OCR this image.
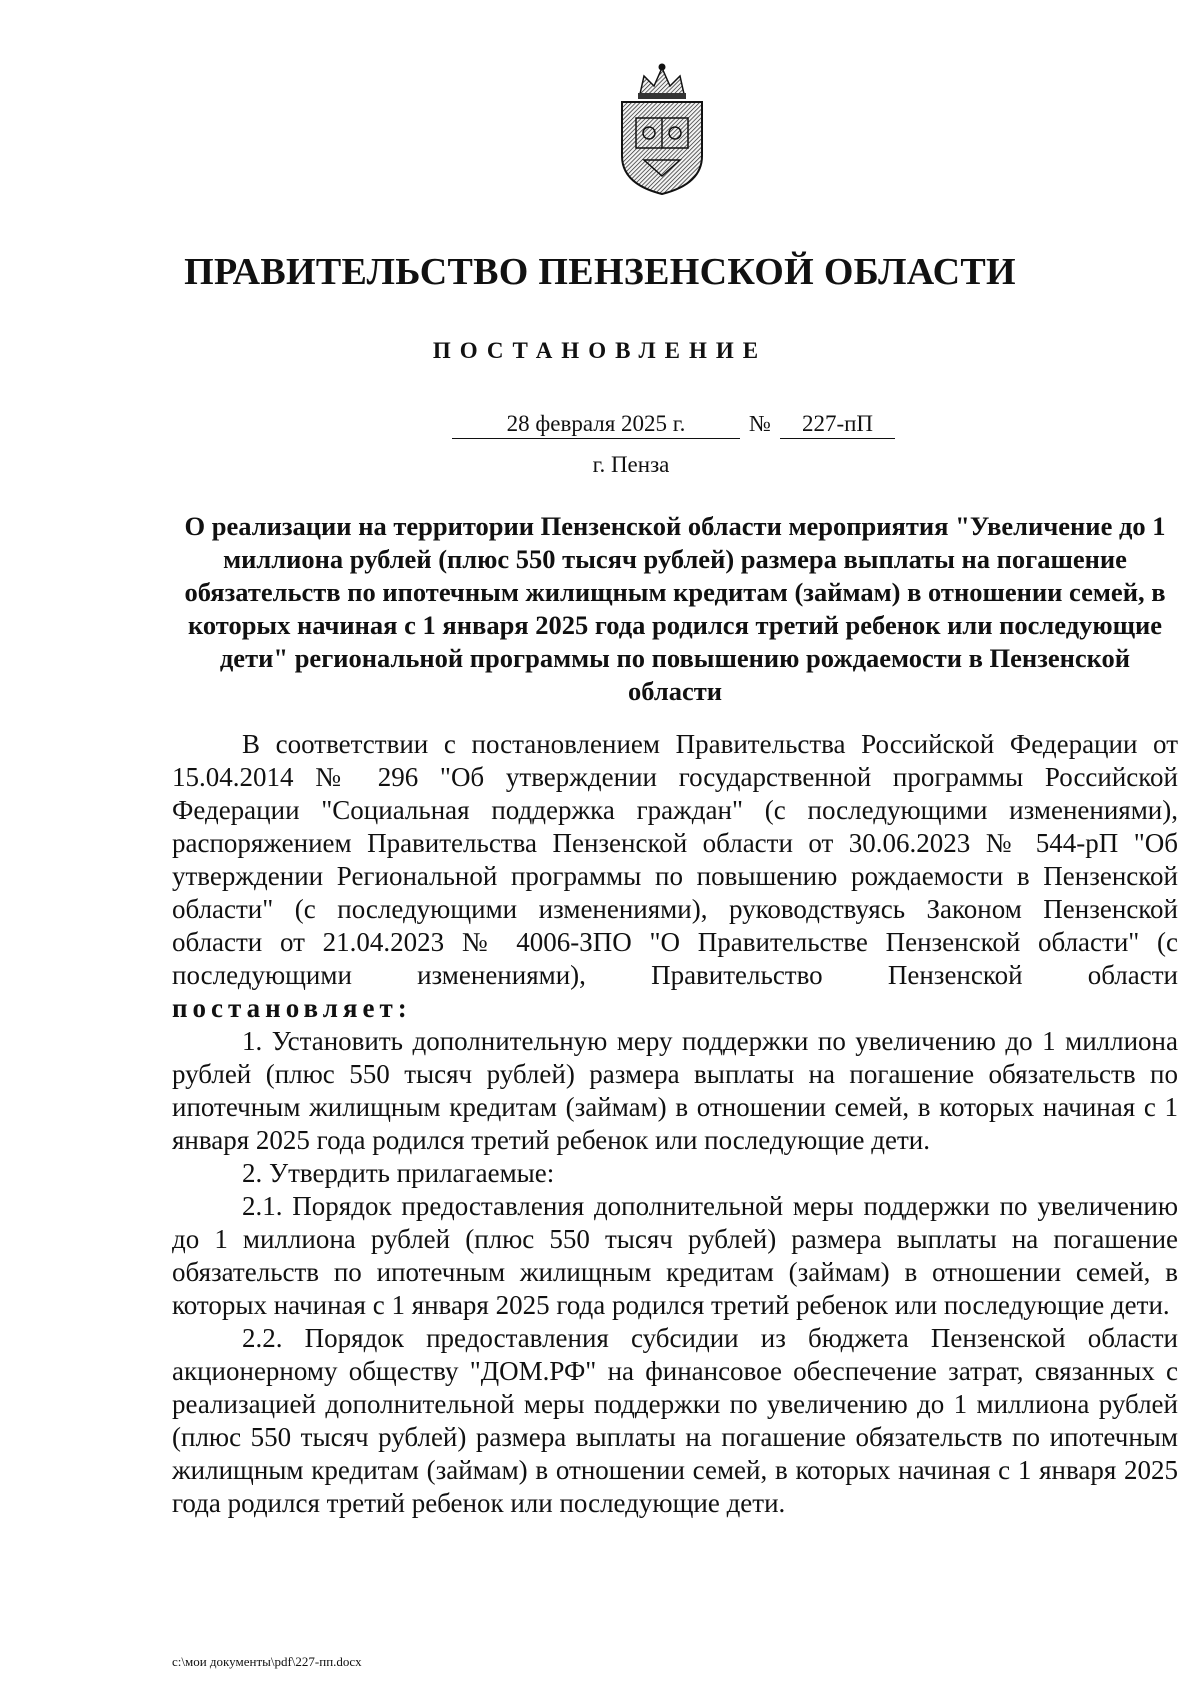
ПРАВИТЕЛЬСТВО ПЕНЗЕНСКОЙ ОБЛАСТИ
ПОСТАНОВЛЕНИЕ
28 февраля 2025 г.	№	227-пП
г. Пенза
О реализации на территории Пензенской области мероприятия "Увеличение до 1 миллиона рублей (плюс 550 тысяч рублей) размера выплаты на погашение обязательств по ипотечным жилищным кредитам (займам) в отношении семей, в которых начиная с 1 января 2025 года родился третий ребенок или последующие дети" региональной программы по повышению рождаемости в Пензенской области

В соответствии с постановлением Правительства Российской Федерации от 15.04.2014 № 296 "Об утверждении государственной программы Российской Федерации "Социальная поддержка граждан" (с последующими изменениями), распоряжением Правительства Пензенской области от 30.06.2023 № 544-рП "Об утверждении Региональной программы по повышению рождаемости в Пензенской области" (с последующими изменениями), руководствуясь Законом Пензенской области от 21.04.2023 № 4006-ЗПО "О Правительстве Пензенской области" (с последующими изменениями), Правительство Пензенской области постановляет:

1. Установить дополнительную меру поддержки по увеличению до 1 миллиона рублей (плюс 550 тысяч рублей) размера выплаты на погашение обязательств по ипотечным жилищным кредитам (займам) в отношении семей, в которых начиная с 1 января 2025 года родился третий ребенок или последующие дети.

2. Утвердить прилагаемые:

2.1. Порядок предоставления дополнительной меры поддержки по увеличению до 1 миллиона рублей (плюс 550 тысяч рублей) размера выплаты на погашение обязательств по ипотечным жилищным кредитам (займам) в отношении семей, в которых начиная с 1 января 2025 года родился третий ребенок или последующие дети.

2.2. Порядок предоставления субсидии из бюджета Пензенской области акционерному обществу "ДОМ.РФ" на финансовое обеспечение затрат, связанных с реализацией дополнительной меры поддержки по увеличению до 1 миллиона рублей (плюс 550 тысяч рублей) размера выплаты на погашение обязательств по ипотечным жилищным кредитам (займам) в отношении семей, в которых начиная с 1 января 2025 года родился третий ребенок или последующие дети.

c:\мои документы\pdf\227-пп.docx
